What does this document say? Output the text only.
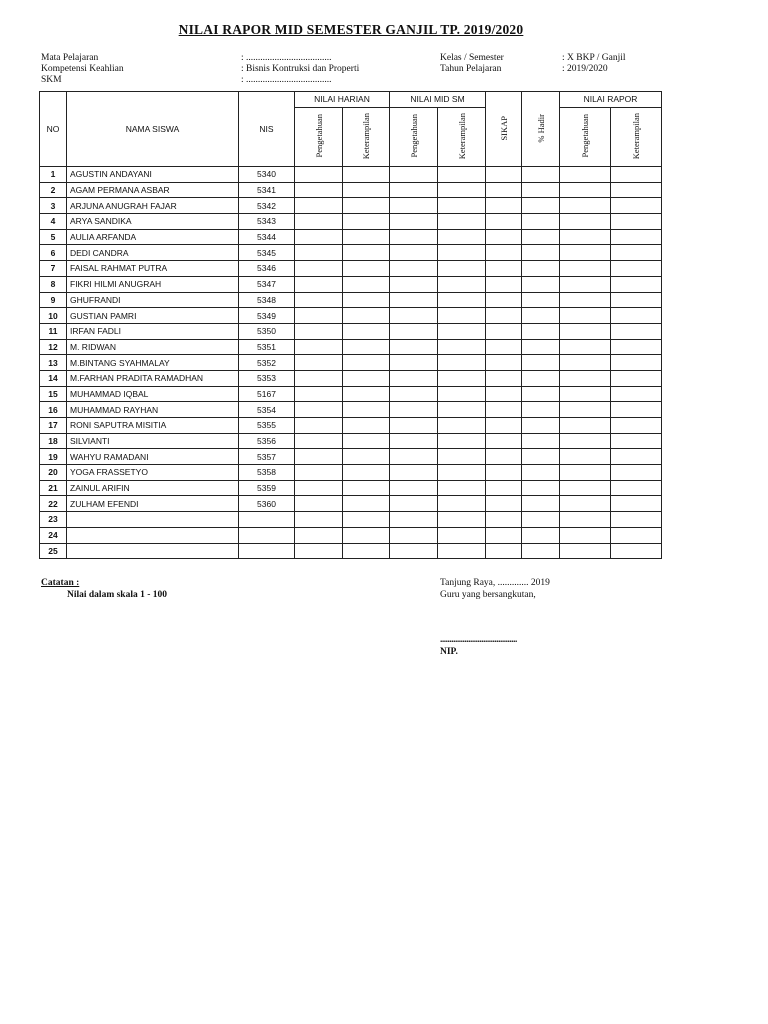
NILAI RAPOR MID SEMESTER GANJIL TP. 2019/2020
Mata Pelajaran	: ....................................
Kompetensi Keahlian	: Bisnis Kontruksi dan Properti
SKM	: ....................................
Kelas / Semester	: X BKP / Ganjil
Tahun Pelajaran	: 2019/2020
NO	NAMA SISWA	NIS	NILAI HARIAN		NILAI MID SM		SIKAP	% Hadir	NILAI RAPOR	
			Pengetahuan	Keterampilan	Pengetahuan	Keterampilan			Pengetahuan	Keterampilan
1	AGUSTIN ANDAYANI	5340								
2	AGAM PERMANA ASBAR	5341								
3	ARJUNA ANUGRAH FAJAR	5342								
4	ARYA SANDIKA	5343								
5	AULIA ARFANDA	5344								
6	DEDI CANDRA	5345								
7	FAISAL RAHMAT PUTRA	5346								
8	FIKRI HILMI ANUGRAH	5347								
9	GHUFRANDI	5348								
10	GUSTIAN PAMRI	5349								
11	IRFAN FADLI	5350								
12	M. RIDWAN	5351								
13	M.BINTANG SYAHMALAY	5352								
14	M.FARHAN PRADITA RAMADHAN	5353								
15	MUHAMMAD IQBAL	5167								
16	MUHAMMAD RAYHAN	5354								
17	RONI SAPUTRA MISITIA	5355								
18	SILVIANTI	5356								
19	WAHYU RAMADANI	5357								
20	YOGA FRASSETYO	5358								
21	ZAINUL ARIFIN	5359								
22	ZULHAM EFENDI	5360								
23										
24										
25										
Catatan :
Nilai dalam skala 1 - 100
Tanjung Raya, ............. 2019
Guru yang bersangkutan,
.........................................
NIP.
